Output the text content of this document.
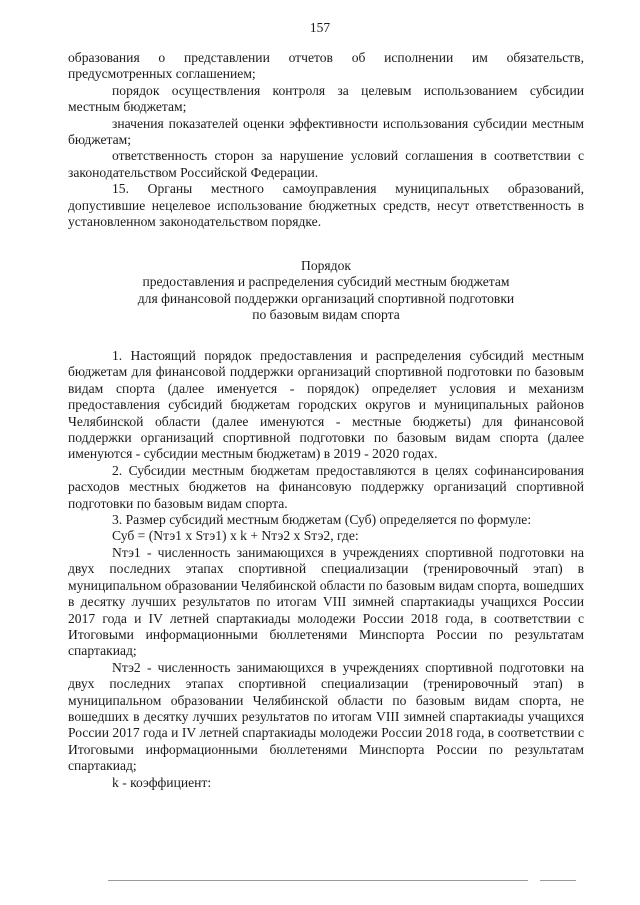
157

образования о представлении отчетов об исполнении им обязательств, предусмотренных соглашением;

порядок осуществления контроля за целевым использованием субсидии местным бюджетам;

значения показателей оценки эффективности использования субсидии местным бюджетам;

ответственность сторон за нарушение условий соглашения в соответствии с законодательством Российской Федерации.

15. Органы местного самоуправления муниципальных образований, допустившие нецелевое использование бюджетных средств, несут ответственность в установленном законодательством порядке.

Порядок

предоставления и распределения субсидий местным бюджетам

для финансовой поддержки организаций спортивной подготовки

по базовым видам спорта

1. Настоящий порядок предоставления и распределения субсидий местным бюджетам для финансовой поддержки организаций спортивной подготовки по базовым видам спорта (далее именуется - порядок) определяет условия и механизм предоставления субсидий бюджетам городских округов и муниципальных районов Челябинской области (далее именуются - местные бюджеты) для финансовой поддержки организаций спортивной подготовки по базовым видам спорта (далее именуются - субсидии местным бюджетам) в 2019 - 2020 годах.

2. Субсидии местным бюджетам предоставляются в целях софинансирования расходов местных бюджетов на финансовую поддержку организаций спортивной подготовки по базовым видам спорта.

3. Размер субсидий местным бюджетам (Суб) определяется по формуле:

Суб = (Nтэ1 x Sтэ1) x k + Nтэ2 x Sтэ2, где:

Nтэ1 - численность занимающихся в учреждениях спортивной подготовки на двух последних этапах спортивной специализации (тренировочный этап) в муниципальном образовании Челябинской области по базовым видам спорта, вошедших в десятку лучших результатов по итогам VIII зимней спартакиады учащихся России 2017 года и IV летней спартакиады молодежи России 2018 года, в соответствии с Итоговыми информационными бюллетенями Минспорта России по результатам спартакиад;

Nтэ2 - численность занимающихся в учреждениях спортивной подготовки на двух последних этапах спортивной специализации (тренировочный этап) в муниципальном образовании Челябинской области по базовым видам спорта, не вошедших в десятку лучших результатов по итогам VIII зимней спартакиады учащихся России 2017 года и IV летней спартакиады молодежи России 2018 года, в соответствии с Итоговыми информационными бюллетенями Минспорта России по результатам спартакиад;

k - коэффициент:
